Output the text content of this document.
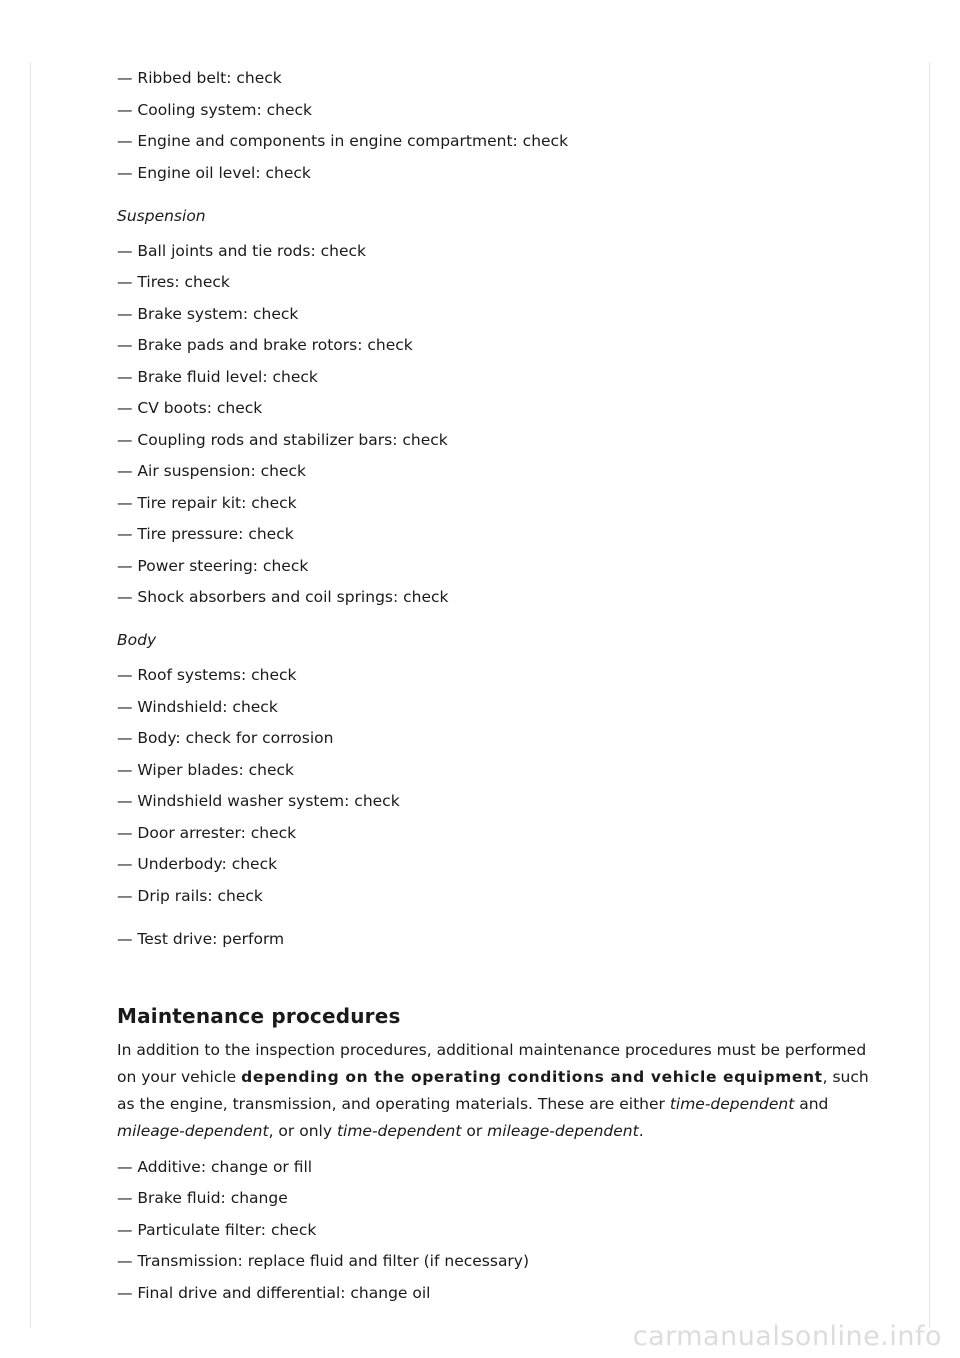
— Ribbed belt: check
— Cooling system: check
— Engine and components in engine compartment: check
— Engine oil level: check
Suspension
— Ball joints and tie rods: check
— Tires: check
— Brake system: check
— Brake pads and brake rotors: check
— Brake fluid level: check
— CV boots: check
— Coupling rods and stabilizer bars: check
— Air suspension: check
— Tire repair kit: check
— Tire pressure: check
— Power steering: check
— Shock absorbers and coil springs: check
Body
— Roof systems: check
— Windshield: check
— Body: check for corrosion
— Wiper blades: check
— Windshield washer system: check
— Door arrester: check
— Underbody: check
— Drip rails: check
— Test drive: perform
Maintenance procedures
In addition to the inspection procedures, additional maintenance procedures must be performed on your vehicle depending on the operating conditions and vehicle equipment, such as the engine, transmission, and operating materials. These are either time-dependent and mileage-dependent, or only time-dependent or mileage-dependent.
— Additive: change or fill
— Brake fluid: change
— Particulate filter: check
— Transmission: replace fluid and filter (if necessary)
— Final drive and differential: change oil
carmanualsonline.info
